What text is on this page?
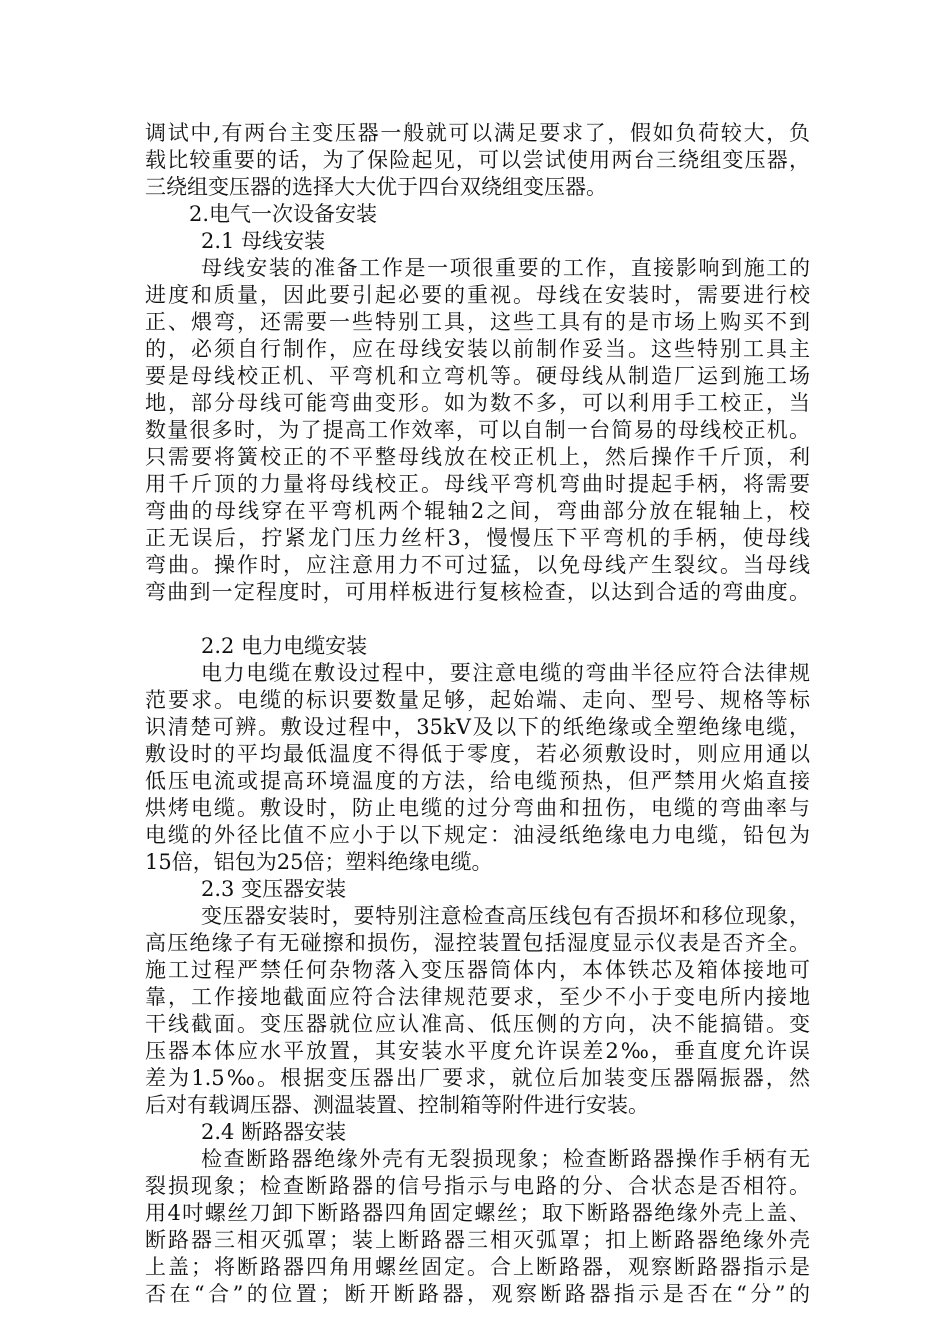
调试中,有两台主变压器一般就可以满足要求了，假如负荷较大，负
载比较重要的话，为了保险起见，可以尝试使用两台三绕组变压器，
三绕组变压器的选择大大优于四台双绕组变压器。
2.电气一次设备安装
2.1 母线安装
母线安装的准备工作是一项很重要的工作，直接影响到施工的
进度和质量，因此要引起必要的重视。母线在安装时，需要进行校
正、煨弯，还需要一些特别工具，这些工具有的是市场上购买不到
的，必须自行制作，应在母线安装以前制作妥当。这些特别工具主
要是母线校正机、平弯机和立弯机等。硬母线从制造厂运到施工场
地，部分母线可能弯曲变形。如为数不多，可以利用手工校正，当
数量很多时，为了提高工作效率，可以自制一台简易的母线校正机。
只需要将簧校正的不平整母线放在校正机上，然后操作千斤顶，利
用千斤顶的力量将母线校正。母线平弯机弯曲时提起手柄，将需要
弯曲的母线穿在平弯机两个辊轴2之间，弯曲部分放在辊轴上，校
正无误后，拧紧龙门压力丝杆3，慢慢压下平弯机的手柄，使母线
弯曲。操作时，应注意用力不可过猛，以免母线产生裂纹。当母线
弯曲到一定程度时，可用样板进行复核检查，以达到合适的弯曲度。
2.2 电力电缆安装
电力电缆在敷设过程中，要注意电缆的弯曲半径应符合法律规
范要求。电缆的标识要数量足够，起始端、走向、型号、规格等标
识清楚可辨。敷设过程中，35kV及以下的纸绝缘或全塑绝缘电缆，
敷设时的平均最低温度不得低于零度，若必须敷设时，则应用通以
低压电流或提高环境温度的方法，给电缆预热，但严禁用火焰直接
烘烤电缆。敷设时，防止电缆的过分弯曲和扭伤，电缆的弯曲率与
电缆的外径比值不应小于以下规定：油浸纸绝缘电力电缆，铅包为
15倍，铝包为25倍；塑料绝缘电缆。
2.3 变压器安装
变压器安装时，要特别注意检查高压线包有否损坏和移位现象，
高压绝缘子有无碰擦和损伤，湿控装置包括湿度显示仪表是否齐全。
施工过程严禁任何杂物落入变压器筒体内，本体铁芯及箱体接地可
靠，工作接地截面应符合法律规范要求，至少不小于变电所内接地
干线截面。变压器就位应认准高、低压侧的方向，决不能搞错。变
压器本体应水平放置，其安装水平度允许误差2‰，垂直度允许误
差为1.5‰。根据变压器出厂要求，就位后加装变压器隔振器，然
后对有载调压器、测温装置、控制箱等附件进行安装。
2.4 断路器安装
检查断路器绝缘外壳有无裂损现象；检查断路器操作手柄有无
裂损现象；检查断路器的信号指示与电路的分、合状态是否相符。
用4吋螺丝刀卸下断路器四角固定螺丝；取下断路器绝缘外壳上盖、
断路器三相灭弧罩；装上断路器三相灭弧罩；扣上断路器绝缘外壳
上盖；将断路器四角用螺丝固定。合上断路器，观察断路器指示是
否在“合”的位置；断开断路器，观察断路器指示是否在“分”的
